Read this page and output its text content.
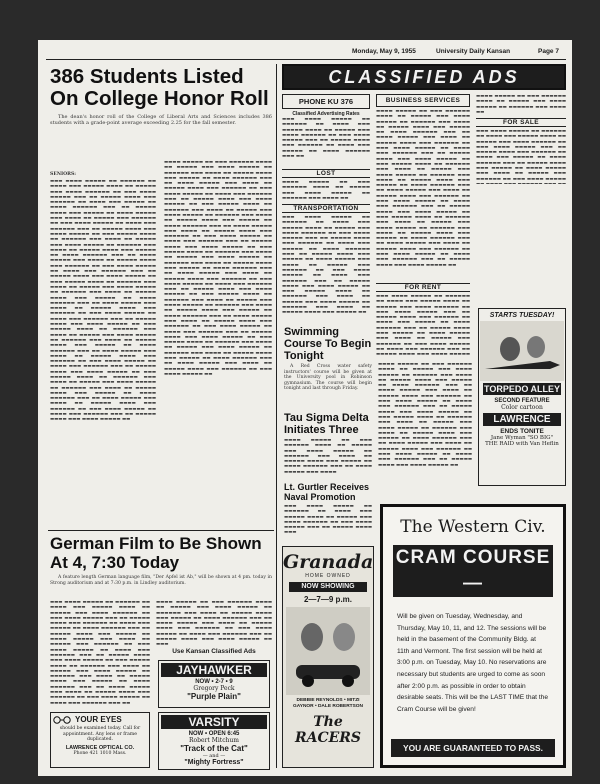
Monday, May 9, 1955	University Daily Kansan	Page 7

386 Students Listed

On College Honor Roll

The dean's honor roll of the College of Liberal Arts and Sciences includes 386 students with a grade-point average exceeding 2.25 for the fall semester.
SENIORS:
▬▬▬ ▬▬▬▬ ▬▬▬▬▬ ▬▬ ▬▬▬▬▬▬ ▬▬ ▬▬▬▬ ▬▬▬ ▬▬▬▬▬ ▬▬▬▬ ▬▬ ▬▬▬▬▬ ▬▬▬ ▬▬▬▬ ▬▬▬▬▬▬ ▬▬ ▬▬▬ ▬▬▬▬ ▬▬▬▬▬ ▬▬▬ ▬▬ ▬▬▬▬▬ ▬▬▬▬ ▬▬▬ ▬▬▬▬▬▬ ▬▬ ▬▬▬▬ ▬▬▬ ▬▬▬▬▬ ▬▬ ▬▬▬▬ ▬▬▬▬▬▬ ▬▬▬ ▬▬ ▬▬▬▬▬ ▬▬▬▬ ▬▬▬ ▬▬▬▬▬ ▬▬ ▬▬▬▬ ▬▬▬▬▬ ▬▬▬ ▬▬▬▬ ▬▬ ▬▬▬▬▬ ▬▬▬ ▬▬▬▬▬▬ ▬▬ ▬▬▬ ▬▬▬▬ ▬▬▬▬▬ ▬▬ ▬▬▬▬ ▬▬▬ ▬▬▬▬▬▬ ▬▬▬ ▬▬ ▬▬▬▬▬ ▬▬▬▬ ▬▬▬ ▬▬▬▬ ▬▬▬▬▬ ▬▬ ▬▬▬ ▬▬▬▬▬ ▬▬▬▬ ▬▬ ▬▬▬▬▬▬ ▬▬▬ ▬▬▬▬ ▬▬ ▬▬▬▬▬ ▬▬▬ ▬▬▬▬ ▬▬▬▬▬ ▬▬ ▬▬▬▬▬▬ ▬▬▬ ▬▬▬▬ ▬▬ ▬▬▬▬▬ ▬▬▬▬ ▬▬▬ ▬▬▬▬▬ ▬▬ ▬▬▬▬ ▬▬▬▬▬▬ ▬▬▬ ▬▬ ▬▬▬▬ ▬▬▬▬▬ ▬▬▬ ▬▬▬▬ ▬▬ ▬▬▬▬▬ ▬▬▬▬ ▬▬▬ ▬▬▬▬▬▬ ▬▬ ▬▬▬ ▬▬▬▬ ▬▬▬▬▬ ▬▬ ▬▬▬▬ ▬▬▬ ▬▬▬▬▬▬ ▬▬▬ ▬▬ ▬▬▬▬▬ ▬▬▬▬ ▬▬▬ ▬▬▬▬ ▬▬▬▬▬ ▬▬ ▬▬▬ ▬▬▬▬▬ ▬▬▬▬ ▬▬ ▬▬▬▬▬▬ ▬▬▬ ▬▬▬▬ ▬▬ ▬▬▬▬▬ ▬▬▬ ▬▬▬▬ ▬▬▬▬▬ ▬▬ ▬▬▬▬▬▬ ▬▬▬ ▬▬▬▬ ▬▬ ▬▬▬▬▬ ▬▬▬▬ ▬▬▬ ▬▬▬▬▬ ▬▬ ▬▬▬▬ ▬▬▬▬▬▬ ▬▬▬ ▬▬ ▬▬▬▬ ▬▬▬▬▬ ▬▬▬ ▬▬▬▬ ▬▬ ▬▬▬▬▬ ▬▬▬▬ ▬▬▬ ▬▬▬▬▬▬ ▬▬ ▬▬▬ ▬▬▬▬ ▬▬▬▬▬ ▬▬ ▬▬▬▬ ▬▬▬ ▬▬▬▬▬▬ ▬▬▬ ▬▬ ▬▬▬▬▬ ▬▬▬▬ ▬▬▬ ▬▬▬▬ ▬▬▬▬▬ ▬▬ ▬▬▬ ▬▬▬▬▬ ▬▬▬▬ ▬▬ ▬▬▬▬▬▬ ▬▬▬ ▬▬▬▬ ▬▬ ▬▬▬▬▬ ▬▬▬ ▬▬▬▬ ▬▬▬▬▬ ▬▬ ▬▬▬▬▬▬ ▬▬▬ ▬▬▬▬ ▬▬ ▬▬▬▬▬ ▬▬▬▬ ▬▬▬ ▬▬▬▬▬ ▬▬ ▬▬▬▬ ▬▬▬▬▬▬ ▬▬▬ ▬▬ ▬▬▬▬ ▬▬▬▬▬ ▬▬▬ ▬▬▬▬ ▬▬ ▬▬▬▬▬ ▬▬▬▬ ▬▬▬ ▬▬▬▬▬▬ ▬▬ ▬▬▬ ▬▬▬▬ ▬▬▬▬▬ ▬▬ ▬▬▬▬ ▬▬▬ ▬▬▬▬▬▬ ▬▬▬ ▬▬ ▬▬▬▬▬ ▬▬▬▬ ▬▬▬ ▬▬▬▬ ▬▬▬▬▬ ▬▬ ▬▬▬ ▬▬▬▬▬ ▬▬▬▬ ▬▬ ▬▬▬▬▬▬ ▬▬▬ ▬▬▬▬ ▬▬ ▬▬▬▬▬ ▬▬▬ ▬▬▬▬ ▬▬▬▬▬ ▬▬ ▬▬▬▬▬▬ ▬▬▬ ▬▬▬▬ ▬▬ ▬▬▬▬▬ ▬▬▬▬ ▬▬▬ ▬▬▬▬▬ ▬▬ ▬▬▬▬ ▬▬▬▬▬▬ ▬▬▬ ▬▬ ▬▬▬▬ ▬▬▬▬▬ ▬▬▬ ▬▬▬▬ ▬▬ ▬▬▬▬▬ ▬▬▬▬ ▬▬▬ ▬▬▬▬▬▬ ▬▬ ▬▬▬ ▬▬▬▬ ▬▬▬▬▬ ▬▬ ▬▬▬▬ ▬▬▬ ▬▬▬▬▬▬ ▬▬▬ ▬▬ ▬▬▬▬▬ ▬▬▬▬ ▬▬▬ ▬▬▬▬ ▬▬▬▬▬ ▬▬
▬▬▬▬ ▬▬▬▬▬ ▬▬ ▬▬▬ ▬▬▬▬▬▬ ▬▬▬▬ ▬▬ ▬▬▬▬▬ ▬▬▬ ▬▬▬▬ ▬▬▬▬▬ ▬▬ ▬▬▬▬▬▬ ▬▬▬ ▬▬▬▬ ▬▬ ▬▬▬▬▬ ▬▬▬▬ ▬▬▬ ▬▬▬▬▬ ▬▬ ▬▬▬▬ ▬▬▬▬▬▬ ▬▬▬ ▬▬ ▬▬▬▬ ▬▬▬▬▬ ▬▬▬ ▬▬▬▬ ▬▬ ▬▬▬▬▬ ▬▬▬▬ ▬▬▬ ▬▬▬▬▬▬ ▬▬ ▬▬▬ ▬▬▬▬ ▬▬▬▬▬ ▬▬ ▬▬▬▬ ▬▬▬ ▬▬▬▬▬▬ ▬▬▬ ▬▬ ▬▬▬▬▬ ▬▬▬▬ ▬▬▬ ▬▬▬▬ ▬▬▬▬▬ ▬▬ ▬▬▬ ▬▬▬▬▬ ▬▬▬▬ ▬▬ ▬▬▬▬▬▬ ▬▬▬ ▬▬▬▬ ▬▬ ▬▬▬▬▬ ▬▬▬ ▬▬▬▬ ▬▬▬▬▬ ▬▬ ▬▬▬▬▬▬ ▬▬▬ ▬▬▬▬ ▬▬ ▬▬▬▬▬ ▬▬▬▬ ▬▬▬ ▬▬▬▬▬ ▬▬ ▬▬▬▬ ▬▬▬▬▬▬ ▬▬▬ ▬▬ ▬▬▬▬ ▬▬▬▬▬ ▬▬▬ ▬▬▬▬ ▬▬ ▬▬▬▬▬ ▬▬▬▬ ▬▬▬ ▬▬▬▬▬▬ ▬▬ ▬▬▬ ▬▬▬▬ ▬▬▬▬▬ ▬▬ ▬▬▬▬ ▬▬▬ ▬▬▬▬▬▬ ▬▬▬ ▬▬ ▬▬▬▬▬ ▬▬▬▬ ▬▬▬ ▬▬▬▬ ▬▬▬▬▬ ▬▬ ▬▬▬ ▬▬▬▬▬ ▬▬▬▬ ▬▬ ▬▬▬▬▬▬ ▬▬▬ ▬▬▬▬ ▬▬ ▬▬▬▬▬ ▬▬▬ ▬▬▬▬ ▬▬▬▬▬ ▬▬ ▬▬▬▬▬▬ ▬▬▬ ▬▬▬▬ ▬▬ ▬▬▬▬▬ ▬▬▬▬ ▬▬▬ ▬▬▬▬▬ ▬▬ ▬▬▬▬ ▬▬▬▬▬▬ ▬▬▬ ▬▬ ▬▬▬▬ ▬▬▬▬▬ ▬▬▬ ▬▬▬▬ ▬▬ ▬▬▬▬▬ ▬▬▬▬ ▬▬▬ ▬▬▬▬▬▬ ▬▬ ▬▬▬ ▬▬▬▬ ▬▬▬▬▬ ▬▬ ▬▬▬▬ ▬▬▬ ▬▬▬▬▬▬ ▬▬▬ ▬▬ ▬▬▬▬▬ ▬▬▬▬ ▬▬▬ ▬▬▬▬ ▬▬▬▬▬ ▬▬ ▬▬▬ ▬▬▬▬▬ ▬▬▬▬ ▬▬ ▬▬▬▬▬▬ ▬▬▬ ▬▬▬▬ ▬▬ ▬▬▬▬▬ ▬▬▬ ▬▬▬▬ ▬▬▬▬▬ ▬▬ ▬▬▬▬▬▬ ▬▬▬ ▬▬▬▬ ▬▬ ▬▬▬▬▬ ▬▬▬▬ ▬▬▬ ▬▬▬▬▬ ▬▬ ▬▬▬▬ ▬▬▬▬▬▬ ▬▬▬ ▬▬ ▬▬▬▬ ▬▬▬▬▬ ▬▬▬ ▬▬▬▬ ▬▬ ▬▬▬▬▬ ▬▬▬▬ ▬▬▬ ▬▬▬▬▬▬ ▬▬ ▬▬▬ ▬▬▬▬ ▬▬▬▬▬ ▬▬ ▬▬▬▬ ▬▬▬ ▬▬▬▬▬▬ ▬▬▬ ▬▬ ▬▬▬▬▬ ▬▬▬▬ ▬▬▬ ▬▬▬▬ ▬▬▬▬▬ ▬▬ ▬▬▬ ▬▬▬▬▬ ▬▬▬▬ ▬▬ ▬▬▬▬▬▬ ▬▬▬ ▬▬▬▬ ▬▬ ▬▬▬▬▬ ▬▬▬ ▬▬▬▬ ▬▬▬▬▬ ▬▬ ▬▬▬▬▬▬ ▬▬▬ ▬▬▬▬ ▬▬ ▬▬▬▬▬ ▬▬▬▬ ▬▬▬ ▬▬▬▬▬ ▬▬ ▬▬▬▬ ▬▬▬▬▬▬ ▬▬▬ ▬▬ ▬▬▬▬ ▬▬▬▬▬ ▬▬▬ ▬▬▬▬ ▬▬ ▬▬▬▬▬ ▬▬▬▬ ▬▬▬ ▬▬▬▬▬▬ ▬▬ ▬▬▬ ▬▬▬▬ ▬▬▬▬▬ ▬▬

German Film to Be Shown

At 4, 7:30 Today

A feature length German language film, "Der Apfel ist Ab," will be shown at 4 pm. today in Strong auditorium and at 7:30 p.m. in Lindley auditorium.
▬▬▬ ▬▬▬▬ ▬▬▬▬▬ ▬▬ ▬▬▬▬▬▬ ▬▬ ▬▬▬▬ ▬▬▬ ▬▬▬▬▬ ▬▬▬▬ ▬▬ ▬▬▬▬▬ ▬▬▬ ▬▬▬▬ ▬▬▬▬▬▬ ▬▬ ▬▬▬ ▬▬▬▬ ▬▬▬▬▬ ▬▬▬ ▬▬ ▬▬▬▬▬ ▬▬▬▬ ▬▬▬ ▬▬▬▬▬▬ ▬▬ ▬▬▬▬ ▬▬▬ ▬▬▬▬▬ ▬▬ ▬▬▬▬ ▬▬▬▬▬▬ ▬▬▬ ▬▬ ▬▬▬▬▬ ▬▬▬▬ ▬▬▬ ▬▬▬▬▬ ▬▬ ▬▬▬▬ ▬▬▬▬▬ ▬▬▬ ▬▬▬▬ ▬▬ ▬▬▬▬▬ ▬▬▬ ▬▬▬▬▬▬ ▬▬ ▬▬▬ ▬▬▬▬ ▬▬▬▬▬ ▬▬ ▬▬▬▬ ▬▬▬ ▬▬▬▬▬▬ ▬▬▬ ▬▬ ▬▬▬▬▬ ▬▬▬▬ ▬▬▬ ▬▬▬▬ ▬▬▬▬▬ ▬▬ ▬▬▬ ▬▬▬▬▬ ▬▬▬▬ ▬▬ ▬▬▬▬▬▬ ▬▬▬ ▬▬▬▬ ▬▬ ▬▬▬▬▬ ▬▬▬ ▬▬▬▬ ▬▬▬▬▬ ▬▬ ▬▬▬▬▬▬ ▬▬▬ ▬▬▬▬ ▬▬ ▬▬▬▬▬ ▬▬▬▬ ▬▬▬ ▬▬▬▬▬ ▬▬ ▬▬▬▬ ▬▬▬▬▬▬ ▬▬▬ ▬▬ ▬▬▬▬ ▬▬▬▬▬ ▬▬▬ ▬▬▬▬ ▬▬ ▬▬▬▬▬ ▬▬▬▬ ▬▬▬ ▬▬▬▬▬▬ ▬▬ ▬▬▬ ▬▬▬▬ ▬▬▬▬▬ ▬▬ ▬▬▬▬ ▬▬▬ ▬▬▬▬▬▬ ▬▬▬ ▬▬
▬▬▬▬ ▬▬▬▬▬ ▬▬ ▬▬▬ ▬▬▬▬▬▬ ▬▬▬▬ ▬▬ ▬▬▬▬▬ ▬▬▬ ▬▬▬▬ ▬▬▬▬▬ ▬▬ ▬▬▬▬▬▬ ▬▬▬ ▬▬▬▬ ▬▬ ▬▬▬▬▬ ▬▬▬▬ ▬▬▬ ▬▬▬▬▬ ▬▬ ▬▬▬▬ ▬▬▬▬▬▬ ▬▬▬ ▬▬ ▬▬▬▬ ▬▬▬▬▬ ▬▬▬ ▬▬▬▬ ▬▬ ▬▬▬▬▬ ▬▬▬▬ ▬▬▬ ▬▬▬▬▬▬ ▬▬ ▬▬▬ ▬▬▬▬ ▬▬▬▬▬ ▬▬ ▬▬▬▬ ▬▬▬ ▬▬▬▬▬▬ ▬▬▬ ▬▬ ▬▬▬▬▬ ▬▬▬▬ ▬▬▬ ▬▬▬▬ ▬▬▬▬▬ ▬▬ ▬▬▬
Use Kansan Classified Ads
YOUR EYES
should be examined today. Call for appointment. Any lens or frame duplicated.
LAWRENCE OPTICAL CO.
Phone 421 1010 Mass.
JAYHAWKER
NOW • 2-7 • 9
Gregory Peck
"Purple Plain"
VARSITY
NOW • OPEN 6:45
Robert Mitchum
"Track of the Cat"
— and —
"Mighty Fortress"
CLASSIFIED ADS
PHONE KU 376
Classified Advertising Rates
▬▬▬ ▬▬▬▬ ▬▬▬▬▬ ▬▬ ▬▬▬▬▬▬ ▬▬ ▬▬▬▬ ▬▬▬ ▬▬▬▬▬ ▬▬▬▬ ▬▬ ▬▬▬▬▬ ▬▬▬ ▬▬▬▬ ▬▬▬▬▬▬ ▬▬ ▬▬▬ ▬▬▬▬ ▬▬▬▬▬ ▬▬▬ ▬▬ ▬▬▬▬▬ ▬▬▬▬ ▬▬▬ ▬▬▬▬▬▬ ▬▬ ▬▬▬▬ ▬▬▬ ▬▬▬▬▬ ▬▬ ▬▬▬▬ ▬▬▬▬▬▬ ▬▬▬ ▬▬
LOST
▬▬▬▬ ▬▬▬▬▬ ▬▬ ▬▬▬ ▬▬▬▬▬▬ ▬▬▬▬ ▬▬ ▬▬▬▬▬ ▬▬▬ ▬▬▬▬ ▬▬▬▬▬ ▬▬ ▬▬▬▬▬▬ ▬▬▬ ▬▬▬▬ ▬▬
TRANSPORTATION
▬▬▬ ▬▬▬▬ ▬▬▬▬▬ ▬▬ ▬▬▬▬▬▬ ▬▬ ▬▬▬▬ ▬▬▬ ▬▬▬▬▬ ▬▬▬▬ ▬▬ ▬▬▬▬▬ ▬▬▬ ▬▬▬▬ ▬▬▬▬▬▬ ▬▬ ▬▬▬ ▬▬▬▬ ▬▬▬▬▬ ▬▬▬ ▬▬ ▬▬▬▬▬ ▬▬▬▬ ▬▬▬ ▬▬▬▬▬▬ ▬▬ ▬▬▬▬ ▬▬▬ ▬▬▬▬▬ ▬▬ ▬▬▬▬ ▬▬▬▬▬▬ ▬▬▬ ▬▬ ▬▬▬▬▬ ▬▬▬▬ ▬▬▬ ▬▬▬▬▬ ▬▬ ▬▬▬▬ ▬▬▬▬▬ ▬▬▬ ▬▬▬▬ ▬▬ ▬▬▬▬▬ ▬▬▬ ▬▬▬▬▬▬ ▬▬ ▬▬▬ ▬▬▬▬ ▬▬▬▬▬ ▬▬ ▬▬▬▬ ▬▬▬ ▬▬▬▬▬▬ ▬▬▬ ▬▬ ▬▬▬▬▬ ▬▬▬▬ ▬▬▬ ▬▬▬▬ ▬▬▬▬▬ ▬▬ ▬▬▬ ▬▬▬▬▬ ▬▬▬▬ ▬▬ ▬▬▬▬▬▬ ▬▬▬ ▬▬▬▬ ▬▬ ▬▬▬▬▬ ▬▬▬ ▬▬▬▬ ▬▬▬▬▬ ▬▬ ▬▬▬▬▬▬ ▬▬▬ ▬▬▬▬ ▬▬ ▬▬▬▬▬ ▬▬▬▬ ▬▬▬ ▬▬▬▬▬ ▬▬
BUSINESS SERVICES
▬▬▬▬ ▬▬▬▬▬ ▬▬ ▬▬▬ ▬▬▬▬▬▬ ▬▬▬▬ ▬▬ ▬▬▬▬▬ ▬▬▬ ▬▬▬▬ ▬▬▬▬▬ ▬▬ ▬▬▬▬▬▬ ▬▬▬ ▬▬▬▬ ▬▬ ▬▬▬▬▬ ▬▬▬▬ ▬▬▬ ▬▬▬▬▬ ▬▬ ▬▬▬▬ ▬▬▬▬▬▬ ▬▬▬ ▬▬ ▬▬▬▬ ▬▬▬▬▬ ▬▬▬ ▬▬▬▬ ▬▬ ▬▬▬▬▬ ▬▬▬▬ ▬▬▬ ▬▬▬▬▬▬ ▬▬ ▬▬▬ ▬▬▬▬ ▬▬▬▬▬ ▬▬ ▬▬▬▬ ▬▬▬ ▬▬▬▬▬▬ ▬▬▬ ▬▬ ▬▬▬▬▬ ▬▬▬▬ ▬▬▬ ▬▬▬▬ ▬▬▬▬▬ ▬▬ ▬▬▬ ▬▬▬▬▬ ▬▬▬▬ ▬▬ ▬▬▬▬▬▬ ▬▬▬ ▬▬▬▬ ▬▬ ▬▬▬▬▬ ▬▬▬ ▬▬▬▬ ▬▬▬▬▬ ▬▬ ▬▬▬▬▬▬ ▬▬▬ ▬▬▬▬ ▬▬ ▬▬▬▬▬ ▬▬▬▬ ▬▬▬ ▬▬▬▬▬ ▬▬ ▬▬▬▬ ▬▬▬▬▬▬ ▬▬▬ ▬▬ ▬▬▬▬ ▬▬▬▬▬ ▬▬▬ ▬▬▬▬ ▬▬ ▬▬▬▬▬ ▬▬▬▬ ▬▬▬ ▬▬▬▬▬▬ ▬▬ ▬▬▬ ▬▬▬▬ ▬▬▬▬▬ ▬▬ ▬▬▬▬ ▬▬▬ ▬▬▬▬▬▬ ▬▬▬ ▬▬ ▬▬▬▬▬ ▬▬▬▬ ▬▬▬ ▬▬▬▬ ▬▬▬▬▬ ▬▬ ▬▬▬ ▬▬▬▬▬ ▬▬▬▬ ▬▬ ▬▬▬▬▬▬ ▬▬▬ ▬▬▬▬ ▬▬ ▬▬▬▬▬ ▬▬▬ ▬▬▬▬ ▬▬▬▬▬ ▬▬ ▬▬▬▬▬▬ ▬▬▬ ▬▬▬▬ ▬▬ ▬▬▬▬▬ ▬▬▬▬ ▬▬▬ ▬▬▬▬▬ ▬▬ ▬▬▬▬ ▬▬▬▬▬▬ ▬▬▬ ▬▬ ▬▬▬▬ ▬▬▬▬▬ ▬▬▬ ▬▬▬▬ ▬▬ ▬▬▬▬▬ ▬▬▬▬ ▬▬▬ ▬▬▬▬▬▬ ▬▬ ▬▬▬ ▬▬▬▬ ▬▬▬▬▬ ▬▬ ▬▬▬▬ ▬▬▬ ▬▬▬▬▬▬ ▬▬▬ ▬▬ ▬▬▬▬▬ ▬▬▬▬ ▬▬▬ ▬▬▬▬ ▬▬▬▬▬ ▬▬
FOR RENT
▬▬▬ ▬▬▬▬ ▬▬▬▬▬ ▬▬ ▬▬▬▬▬▬ ▬▬ ▬▬▬▬ ▬▬▬ ▬▬▬▬▬ ▬▬▬▬ ▬▬ ▬▬▬▬▬ ▬▬▬ ▬▬▬▬ ▬▬▬▬▬▬ ▬▬ ▬▬▬ ▬▬▬▬ ▬▬▬▬▬ ▬▬▬ ▬▬ ▬▬▬▬▬ ▬▬▬▬ ▬▬▬ ▬▬▬▬▬▬ ▬▬ ▬▬▬▬ ▬▬▬ ▬▬▬▬▬ ▬▬ ▬▬▬▬ ▬▬▬▬▬▬ ▬▬▬ ▬▬ ▬▬▬▬▬ ▬▬▬▬ ▬▬▬ ▬▬▬▬▬ ▬▬ ▬▬▬▬ ▬▬▬▬▬ ▬▬▬ ▬▬▬▬ ▬▬ ▬▬▬▬▬ ▬▬▬ ▬▬▬▬▬▬ ▬▬ ▬▬▬ ▬▬▬▬ ▬▬▬▬▬ ▬▬ ▬▬▬▬ ▬▬▬ ▬▬▬▬▬▬ ▬▬▬ ▬▬ ▬▬▬▬▬ ▬▬▬▬ ▬▬▬ ▬▬▬▬ ▬▬▬▬▬
▬▬▬▬ ▬▬▬▬▬ ▬▬ ▬▬▬ ▬▬▬▬▬▬ ▬▬▬▬ ▬▬ ▬▬▬▬▬ ▬▬▬ ▬▬▬▬ ▬▬▬▬▬ ▬▬ ▬▬▬▬▬▬ ▬▬▬ ▬▬▬▬ ▬▬
FOR SALE
▬▬▬ ▬▬▬▬ ▬▬▬▬▬ ▬▬ ▬▬▬▬▬▬ ▬▬ ▬▬▬▬ ▬▬▬ ▬▬▬▬▬ ▬▬▬▬ ▬▬ ▬▬▬▬▬ ▬▬▬ ▬▬▬▬ ▬▬▬▬▬▬ ▬▬ ▬▬▬ ▬▬▬▬ ▬▬▬▬▬ ▬▬▬ ▬▬ ▬▬▬▬▬ ▬▬▬▬ ▬▬▬ ▬▬▬▬▬▬ ▬▬ ▬▬▬▬ ▬▬▬ ▬▬▬▬▬ ▬▬ ▬▬▬▬ ▬▬▬▬▬▬ ▬▬▬ ▬▬ ▬▬▬▬▬ ▬▬▬▬ ▬▬▬ ▬▬▬▬▬ ▬▬ ▬▬▬▬ ▬▬▬▬▬ ▬▬▬ ▬▬▬▬ ▬▬ ▬▬▬▬▬ ▬▬▬ ▬▬▬▬▬▬ ▬▬ ▬▬▬ ▬▬▬▬ ▬▬▬▬▬
STARTS TUESDAY!
TORPEDO ALLEY
SECOND FEATURE
Color cartoon
LAWRENCE
ENDS TONITE
Jane Wyman "SO BIG"
THE RAID with Van Heflin

Swimming Course To Begin Tonight

A Red Cross water safety instructors' course will be given at the University pool in Robinson gymnasium. The course will begin tonight and last through Friday.

Tau Sigma Delta Initiates Three

▬▬▬▬ ▬▬▬▬▬ ▬▬ ▬▬▬ ▬▬▬▬▬▬ ▬▬▬▬ ▬▬ ▬▬▬▬▬ ▬▬▬ ▬▬▬▬ ▬▬▬▬▬ ▬▬ ▬▬▬▬▬▬ ▬▬▬ ▬▬▬▬ ▬▬ ▬▬▬▬▬ ▬▬▬▬ ▬▬▬ ▬▬▬▬▬ ▬▬ ▬▬▬▬ ▬▬▬▬▬▬ ▬▬▬ ▬▬ ▬▬▬▬ ▬▬▬▬▬ ▬▬▬ ▬▬▬▬

Lt. Gurtler Receives Naval Promotion

▬▬▬ ▬▬▬▬ ▬▬▬▬▬ ▬▬ ▬▬▬▬▬▬ ▬▬ ▬▬▬▬ ▬▬▬ ▬▬▬▬▬ ▬▬▬▬ ▬▬ ▬▬▬▬▬ ▬▬▬ ▬▬▬▬ ▬▬▬▬▬▬ ▬▬ ▬▬▬ ▬▬▬▬ ▬▬▬▬▬ ▬▬▬ ▬▬ ▬▬▬▬▬ ▬▬▬▬ ▬▬▬
▬▬▬▬ ▬▬▬▬▬ ▬▬ ▬▬▬ ▬▬▬▬▬▬ ▬▬▬▬ ▬▬ ▬▬▬▬▬ ▬▬▬ ▬▬▬▬ ▬▬▬▬▬ ▬▬ ▬▬▬▬▬▬ ▬▬▬ ▬▬▬▬ ▬▬ ▬▬▬▬▬ ▬▬▬▬ ▬▬▬ ▬▬▬▬▬ ▬▬ ▬▬▬▬ ▬▬▬▬▬▬ ▬▬▬ ▬▬ ▬▬▬▬ ▬▬▬▬▬ ▬▬▬ ▬▬▬▬ ▬▬ ▬▬▬▬▬ ▬▬▬▬ ▬▬▬ ▬▬▬▬▬▬ ▬▬ ▬▬▬ ▬▬▬▬ ▬▬▬▬▬ ▬▬ ▬▬▬▬ ▬▬▬ ▬▬▬▬▬▬ ▬▬▬ ▬▬ ▬▬▬▬▬ ▬▬▬▬ ▬▬▬ ▬▬▬▬ ▬▬▬▬▬ ▬▬ ▬▬▬ ▬▬▬▬▬ ▬▬▬▬ ▬▬ ▬▬▬▬▬▬ ▬▬▬ ▬▬▬▬ ▬▬ ▬▬▬▬▬ ▬▬▬ ▬▬▬▬ ▬▬▬▬▬ ▬▬ ▬▬▬▬▬▬ ▬▬▬ ▬▬▬▬ ▬▬ ▬▬▬▬▬ ▬▬▬▬ ▬▬▬ ▬▬▬▬▬ ▬▬ ▬▬▬▬ ▬▬▬▬▬▬ ▬▬▬ ▬▬ ▬▬▬▬ ▬▬▬▬▬ ▬▬▬ ▬▬▬▬ ▬▬ ▬▬▬▬▬ ▬▬▬▬ ▬▬▬ ▬▬▬▬▬▬ ▬▬ ▬▬▬ ▬▬▬▬ ▬▬▬▬▬ ▬▬ ▬▬▬▬ ▬▬▬ ▬▬▬▬▬▬ ▬▬▬ ▬▬ ▬▬▬▬▬ ▬▬▬▬ ▬▬▬ ▬▬▬▬ ▬▬▬▬▬ ▬▬
Granada
HOME OWNED
NOW SHOWING
2—7—9 p.m.
DEBBIE REYNOLDS • MITZI GAYNOR • DALE ROBERTSON
The RACERS
The Western Civ.
CRAM COURSE—
Will be given on Tuesday, Wednesday, and Thursday, May 10, 11, and 12. The sessions will be held in the basement of the Community Bldg. at 11th and Vermont. The first session will be held at 3:00 p.m. on Tuesday, May 10. No reservations are necessary but students are urged to come as soon after 2:00 p.m. as possible in order to obtain desirable seats. This will be the LAST TIME that the Cram Course will be given!
YOU ARE GUARANTEED TO PASS.
